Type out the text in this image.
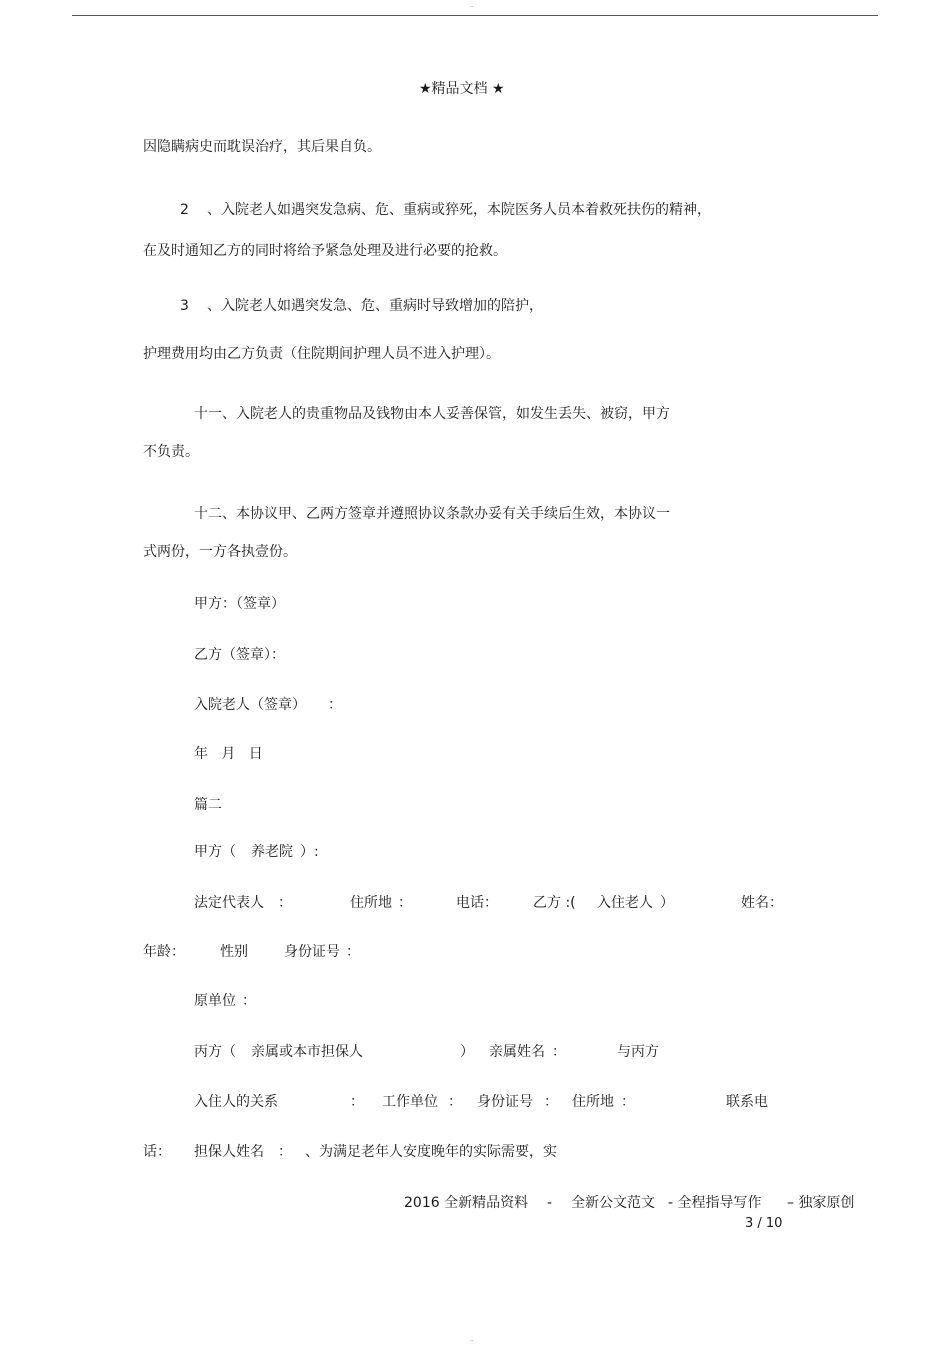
..
★精品文档 ★
因隐瞒病史而耽误治疗，其后果自负。
2 、入院老人如遇突发急病、危、重病或猝死，本院医务人员本着救死扶伤的精神，
在及时通知乙方的同时将给予紧急处理及进行必要的抢救。
3 、入院老人如遇突发急、危、重病时导致增加的陪护，
护理费用均由乙方负责（住院期间护理人员不进入护理）。
十一、入院老人的贵重物品及钱物由本人妥善保管，如发生丢失、被窃，甲方
不负责。
十二、本协议甲、乙两方签章并遵照协议条款办妥有关手续后生效，本协议一
式两份，一方各执壹份。
甲方：（签章）
乙方（签章）：
入院老人（签章） ：
年   月   日
篇二
甲方（ 养老院 ）:
法定代表人 ：	住所地 ：	电话：	乙方 :( 入住老人 ）	姓名：
年龄：	性别	身份证号 ：
原单位 ：
丙方（ 亲属或本市担保人	） 亲属姓名 ：	与丙方
入住人的关系	： 工作单位 ： 身份证号 ： 住所地 ：	联系电
话： 担保人姓名 ： 、为满足老年人安度晚年的实际需要，实
2016 全新精品资料 - 全新公文范文 - 全程指导写作 – 独家原创
3 / 10
..
